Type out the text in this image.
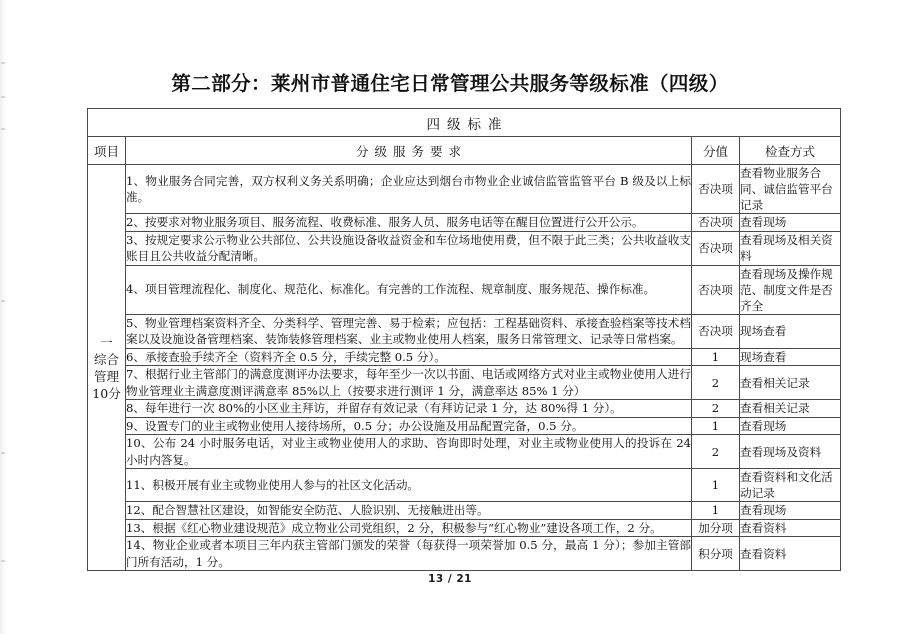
第二部分：莱州市普通住宅日常管理公共服务等级标准（四级）
四级标准			
项目	分级服务要求	分值	检查方式

一
综合
管理
10分	1、物业服务合同完善，双方权利义务关系明确；企业应达到烟台市物业企业诚信监管监管平台 B 级及以上标准。	否决项	查看物业服务合同、诚信监管平台记录
	2、按要求对物业服务项目、服务流程、收费标准、服务人员、服务电话等在醒目位置进行公开公示。	否决项	查看现场
	3、按规定要求公示物业公共部位、公共设施设备收益资金和车位场地使用费，但不限于此三类；公共收益收支账目且公共收益分配清晰。	否决项	查看现场及相关资料
	4、项目管理流程化、制度化、规范化、标准化。有完善的工作流程、规章制度、服务规范、操作标准。	否决项	查看现场及操作规范、制度文件是否齐全
	5、物业管理档案资料齐全、分类科学、管理完善、易于检索；应包括：工程基础资料、承接查验档案等技术档案以及设施设备管理档案、装饰装修管理档案、业主或物业使用人档案，服务日常管理文、记录等日常档案。	否决项	现场查看
	6、承接查验手续齐全（资料齐全 0.5 分，手续完整 0.5 分）。	1	现场查看
	7、根据行业主管部门的满意度测评办法要求，每年至少一次以书面、电话或网络方式对业主或物业使用人进行物业管理业主满意度测评满意率 85%以上（按要求进行测评 1 分，满意率达 85% 1 分）	2	查看相关记录
	8、每年进行一次 80%的小区业主拜访，并留存有效记录（有拜访记录 1 分，达 80%得 1 分）。	2	查看相关记录
	9、设置专门的业主或物业使用人接待场所，0.5 分；办公设施及用品配置完备，0.5 分。	1	查看现场
	10、公布 24 小时服务电话，对业主或物业使用人的求助、咨询即时处理，对业主或物业使用人的投诉在 24 小时内答复。	2	查看现场及资料
	11、积极开展有业主或物业使用人参与的社区文化活动。	1	查看资料和文化活动记录
	12、配合智慧社区建设，如智能安全防范、人脸识别、无接触进出等。	1	查看现场
	13、根据《红心物业建设规范》成立物业公司党组织，2 分，积极参与“红心物业”建设各项工作，2 分。	加分项	查看资料
	14、物业企业或者本项目三年内获主管部门颁发的荣誉（每获得一项荣誉加 0.5 分，最高 1 分）；参加主管部门所有活动，1 分。	积分项	查看资料
13 / 21
